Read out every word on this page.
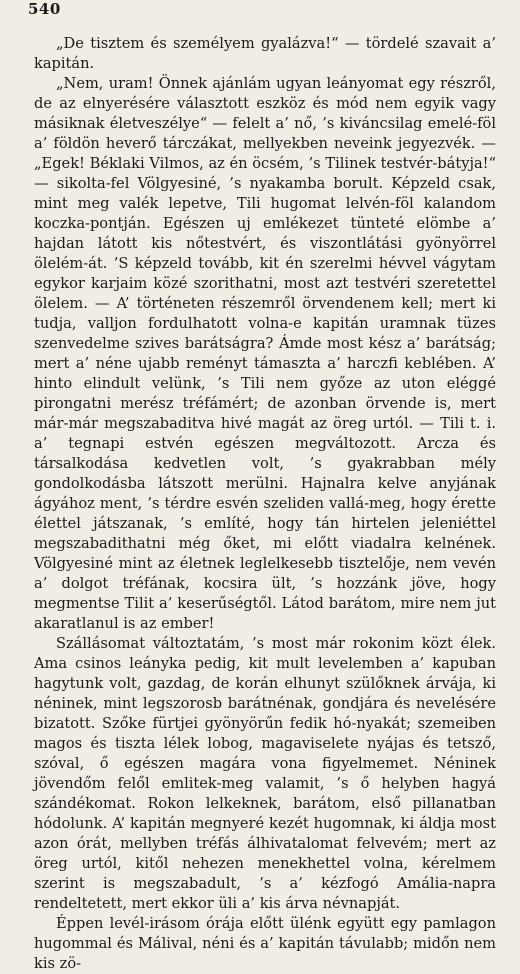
540

„De tisztem és személyem gyalázva!“ — tördelé szavait a’ kapitán.

„Nem, uram! Önnek ajánlám ugyan leányomat egy részről, de az elnyerésére választott eszköz és mód nem egyik vagy másiknak életveszélye“ — felelt a’ nő, ’s kiváncsilag emelé-föl a’ földön heverő tárczákat, mellyekben neveink jegyezvék. — „Egek! Béklaki Vilmos, az én öcsém, ’s Tilinek testvér-bátyja!“ — sikolta-fel Völgyesiné, ’s nyakamba borult. Képzeld csak, mint meg valék lepetve, Tili hugomat lelvén-föl kalandom koczka-pontján. Egészen uj emlékezet tünteté elömbe a’ hajdan látott kis nőtestvért, és viszontlátási gyönyörrel ölelém-át. ’S képzeld tovább, kit én szerelmi hévvel vágytam egykor karjaim közé szorithatni, most azt testvéri szeretettel ölelem. — A’ történeten részemről örvendenem kell; mert ki tudja, valljon fordulhatott volna-e kapitán uramnak tüzes szenvedelme szives barátságra? Ámde most kész a’ barátság; mert a’ néne ujabb reményt támaszta a’ harczfi keblében. A’ hinto elindult velünk, ’s Tili nem győze az uton eléggé pirongatni merész tréfámért; de azonban örvende is, mert már-már megszabaditva hivé magát az öreg urtól. — Tili t. i. a’ tegnapi estvén egészen megváltozott. Arcza és társalkodása kedvetlen volt, ’s gyakrabban mély gondolkodásba látszott merülni. Hajnalra kelve anyjának ágyához ment, ’s térdre esvén szeliden vallá-meg, hogy érette élettel játszanak, ’s említé, hogy tán hirtelen jeleniéttel megszabadithatni még őket, mi előtt viadalra kelnének. Völgyesiné mint az életnek leglelkesebb tisztelője, nem vevén a’ dolgot tréfának, kocsira ült, ’s hozzánk jöve, hogy megmentse Tilit a’ keserűségtől. Látod barátom, mire nem jut akaratlanul is az ember!

Szállásomat változtatám, ’s most már rokonim közt élek. Ama csinos leányka pedig, kit mult levelemben a’ kapuban hagytunk volt, gazdag, de korán elhunyt szülőknek árvája, ki néninek, mint legszorosb barátnénak, gondjára és nevelésére bizatott. Szőke fürtjei gyönyörűn fedik hó-nyakát; szemeiben magos és tiszta lélek lobog, magaviselete nyájas és tetsző, szóval, ő egészen magára vona figyelmemet. Néninek jövendőm felől emlitek-meg valamit, ’s ő helyben hagyá szándékomat. Rokon lelkeknek, barátom, első pillanatban hódolunk. A’ kapitán megnyeré kezét hugomnak, ki áldja most azon órát, mellyben tréfás álhivatalomat felvevém; mert az öreg urtól, kitől nehezen menekhettel volna, kérelmem szerint is megszabadult, ’s a’ kézfogó Amália-napra rendeltetett, mert ekkor üli a’ kis árva névnapját.

Éppen levél-irásom órája előtt ülénk együtt egy pamlagon hugommal és Málival, néni és a’ kapitán távulabb; midőn nem kis zö-
